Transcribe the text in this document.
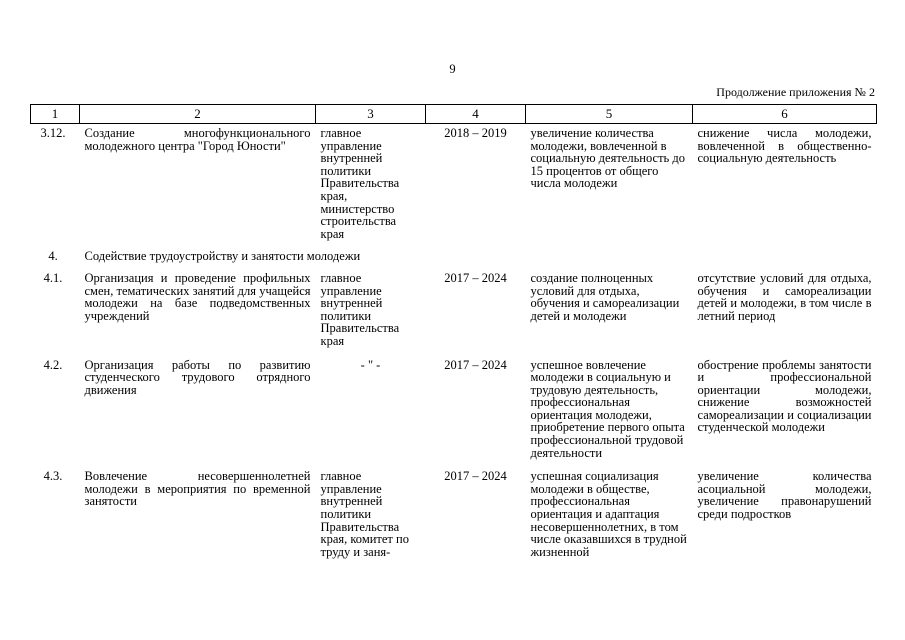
9
Продолжение приложения № 2
1	2	3	4	5	6
3.12.	Создание многофункционального молодежного центра "Город Юности"	главное управление внутренней политики Правительства края, министерство строительства края	2018 – 2019	увеличение количества молодежи, вовлеченной в социальную деятельность до 15 процентов от общего числа молодежи	снижение числа молодежи, вовлеченной в общественно-социальную деятельность
4.	Содействие трудоустройству и занятости молодежи				
4.1.	Организация и проведение профильных смен, тематических занятий для учащейся молодежи на базе подведомственных учреждений	главное управление внутренней политики Правительства края	2017 – 2024	создание полноценных условий для отдыха, обучения и самореализации детей и молодежи	отсутствие условий для отдыха, обучения и самореализации детей и молодежи, в том числе в летний период
4.2.	Организация работы по развитию студенческого трудового отрядного движения	- " -	2017 – 2024	успешное вовлечение молодежи в социальную и трудовую деятельность, профессиональная ориентация молодежи, приобретение первого опыта профессиональной трудовой деятельности	обострение проблемы занятости и профессиональной ориентации молодежи, снижение возможностей самореализации и социализации студенческой молодежи
4.3.	Вовлечение несовершеннолетней молодежи в мероприятия по временной занятости	главное управление внутренней политики Правительства края, комитет по труду и заня-	2017 – 2024	успешная социализация молодежи в обществе, профессиональная ориентация и адаптация несовершеннолетних, в том числе оказавшихся в трудной жизненной	увеличение количества асоциальной молодежи, увеличение правонарушений среди подростков
